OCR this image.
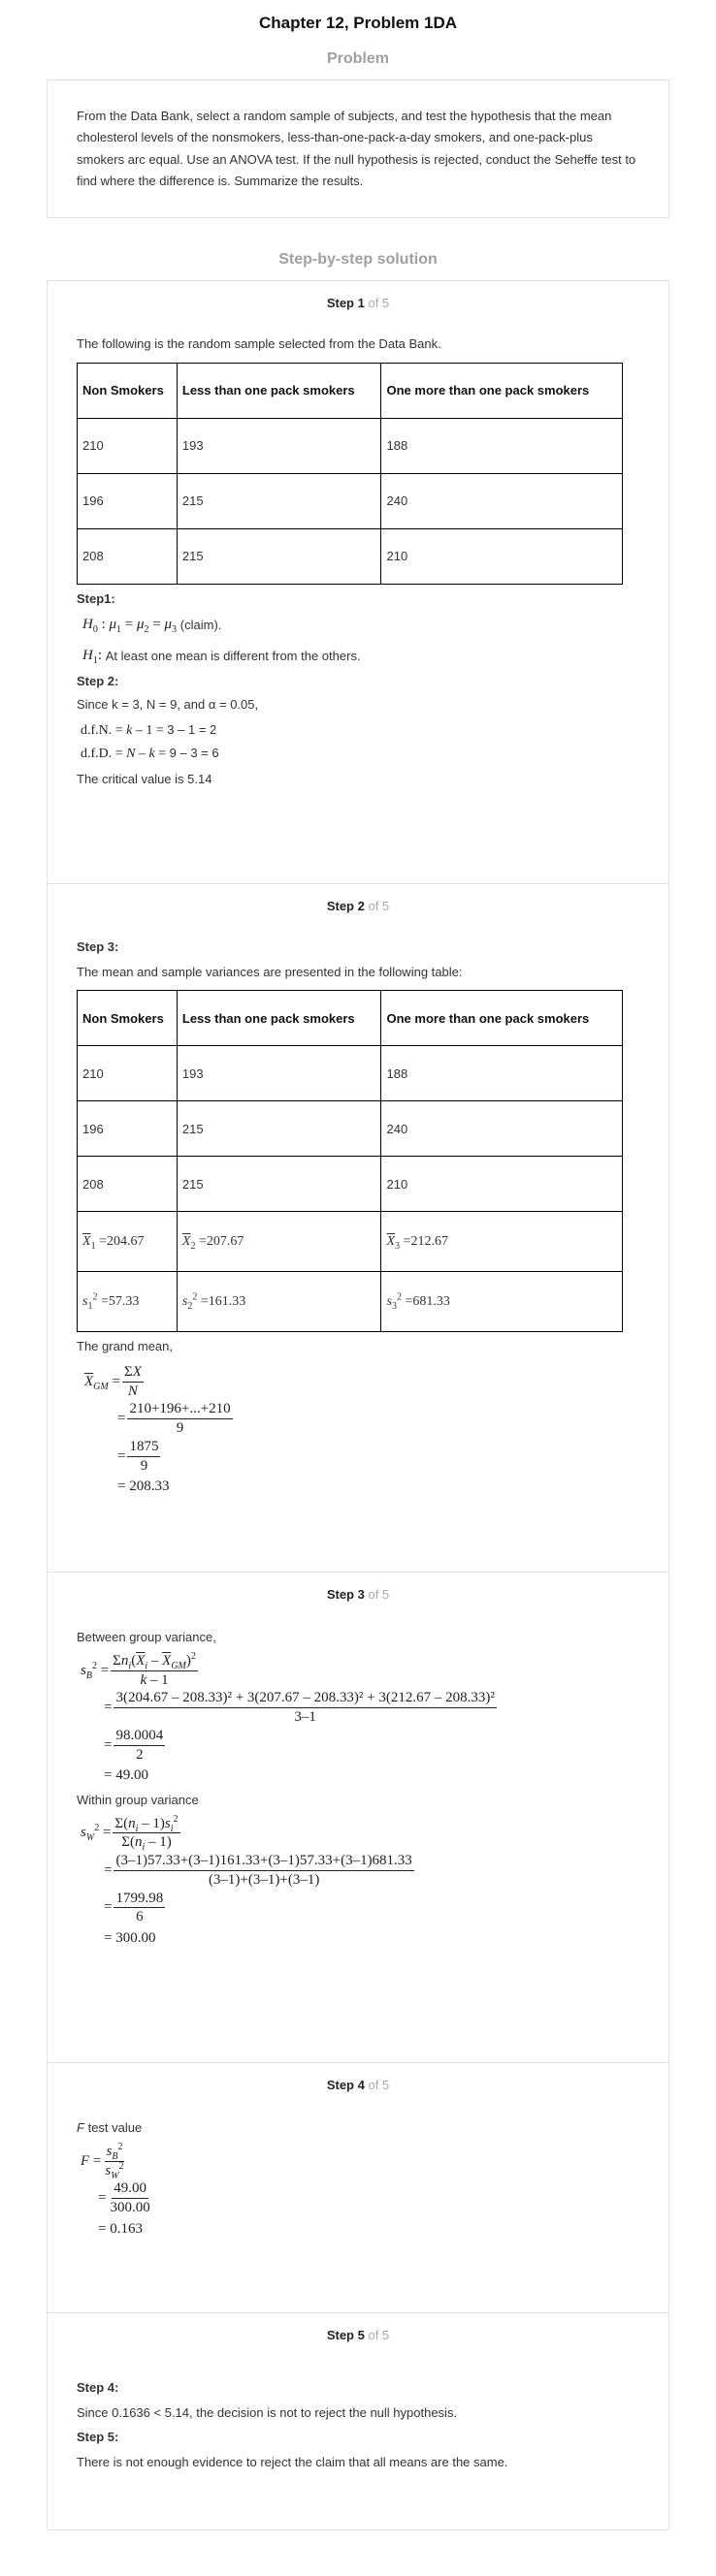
Chapter 12, Problem 1DA
Problem

From the Data Bank, select a random sample of subjects, and test the hypothesis that the mean cholesterol levels of the nonsmokers, less-than-one-pack-a-day smokers, and one-pack-plus smokers arc equal. Use an ANOVA test. If the null hypothesis is rejected, conduct the Seheffe test to find where the difference is. Summarize the results.

Step-by-step solution
Step 1 of 5

The following is the random sample selected from the Data Bank.

Non Smokers	Less than one pack smokers	One more than one pack smokers
210	193	188
196	215	240
208	215	210

Step1:

$H_0$ : $\mu_1 = \mu_2 = \mu_3$ (claim).
$H_1$: At least one mean is different from the others.

Step 2:

Since k = 3, N = 9, and α = 0.05,

d.f.N. = k – 1 = 3 – 1 = 2
d.f.D. = N – k = 9 – 3 = 6

The critical value is 5.14

Step 2 of 5

Step 3:

The mean and sample variances are presented in the following table:

Non Smokers	Less than one pack smokers	One more than one pack smokers
210	193	188
196	215	240
208	215	210
$\overline{X}_1 =204.67$	$\overline{X}_2 =207.67$	$\overline{X}_3 =212.67$
$s_1^2 =57.33$	$s_2^2 =161.33$	$s_3^2 =681.33$

The grand mean,

$\overline{X}_{GM} = \frac{\Sigma X}{N}$
= $\frac{210+196+...+210}{9}$
= $\frac{1875}{9}$
= 208.33
Step 3 of 5

Between group variance,

$s_B^2 = \frac{\Sigma n_i(\overline{X}_i - \overline{X}_{GM})^2}{k - 1}$
=
3(204.67 – 208.33)² + 3(207.67 – 208.33)² + 3(212.67 – 208.33)²
3–1
= $\frac{98.0004}{2}$
= 49.00

Within group variance

$s_W^2 = \frac{\Sigma(n_i - 1)s_i^2}{\Sigma(n_i - 1)}$
= $\frac{(3-1)57.33+(3-1)161.33+(3-1)57.33+(3-1)681.33}{(3-1)+(3-1)+(3-1)}$
= $\frac{1799.98}{6}$
= 300.00
Step 4 of 5

F test value

$F = \frac{s_B^2}{s_W^2}$
= $\frac{49.00}{300.00}$
= 0.163
Step 5 of 5

Step 4:

Since 0.1636 < 5.14, the decision is not to reject the null hypothesis.

Step 5:

There is not enough evidence to reject the claim that all means are the same.
